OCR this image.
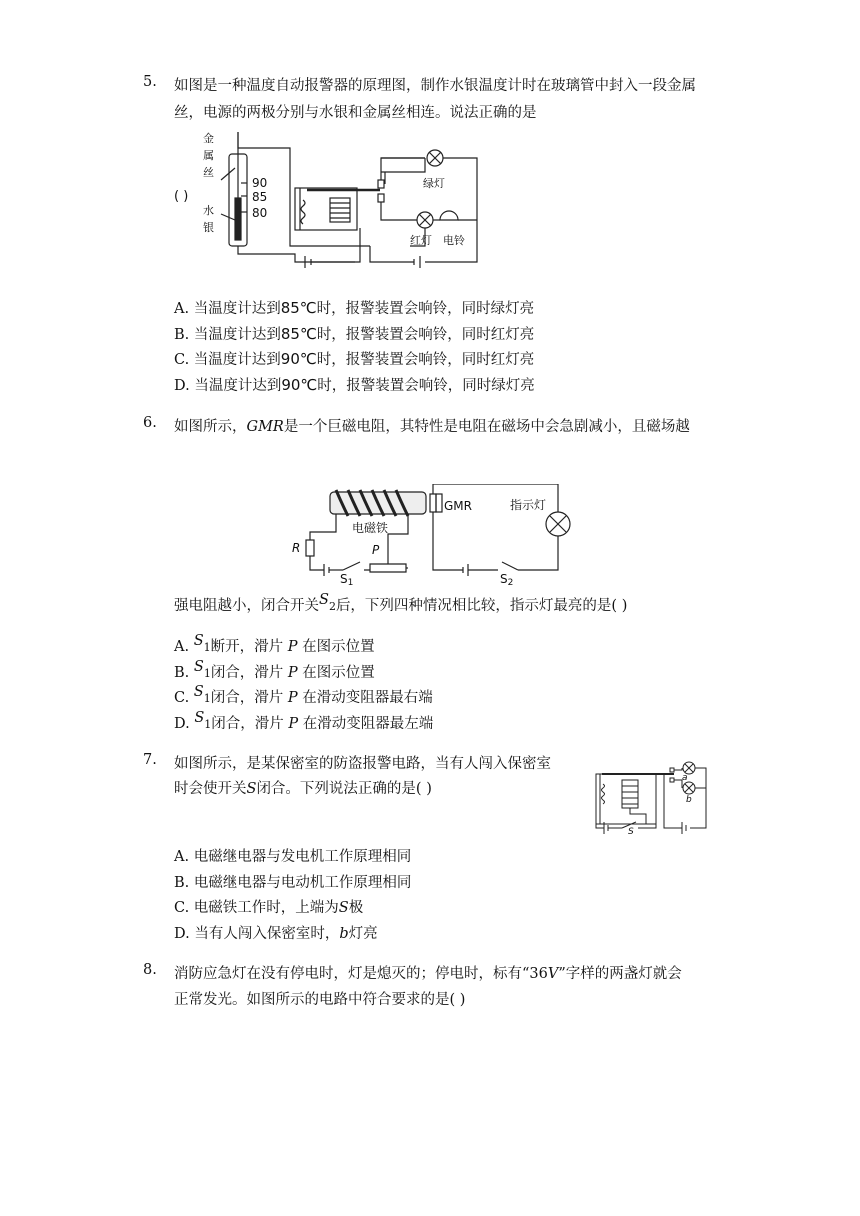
5. 如图是一种温度自动报警器的原理图，制作水银温度计时在玻璃管中封入一段金属
丝，电源的两极分别与水银和金属丝相连。说法正确的是
( )
金
属
丝
水
银
90
85
80
绿灯
红灯 电铃
A. 当温度计达到85℃时，报警装置会响铃，同时绿灯亮
B. 当温度计达到85℃时，报警装置会响铃，同时红灯亮
C. 当温度计达到90℃时，报警装置会响铃，同时红灯亮
D. 当温度计达到90℃时，报警装置会响铃，同时绿灯亮
6. 如图所示，GMR是一个巨磁电阻，其特性是电阻在磁场中会急剧减小，且磁场越
GMR	指示灯
电磁铁
R	P
S1	S2
强电阻越小，闭合开关S2后，下列四种情况相比较，指示灯最亮的是( )
A. S1断开，滑片 P 在图示位置
B. S1闭合，滑片 P 在图示位置
C. S1闭合，滑片 P 在滑动变阻器最右端
D. S1闭合，滑片 P 在滑动变阻器最左端
7. 如图所示，是某保密室的防盗报警电路，当有人闯入保密室
时会使开关S闭合。下列说法正确的是( )
a
b
S
A. 电磁继电器与发电机工作原理相同
B. 电磁继电器与电动机工作原理相同
C. 电磁铁工作时，上端为S极
D. 当有人闯入保密室时，b灯亮
8. 消防应急灯在没有停电时，灯是熄灭的；停电时，标有“36V”字样的两盏灯就会
正常发光。如图所示的电路中符合要求的是( )
